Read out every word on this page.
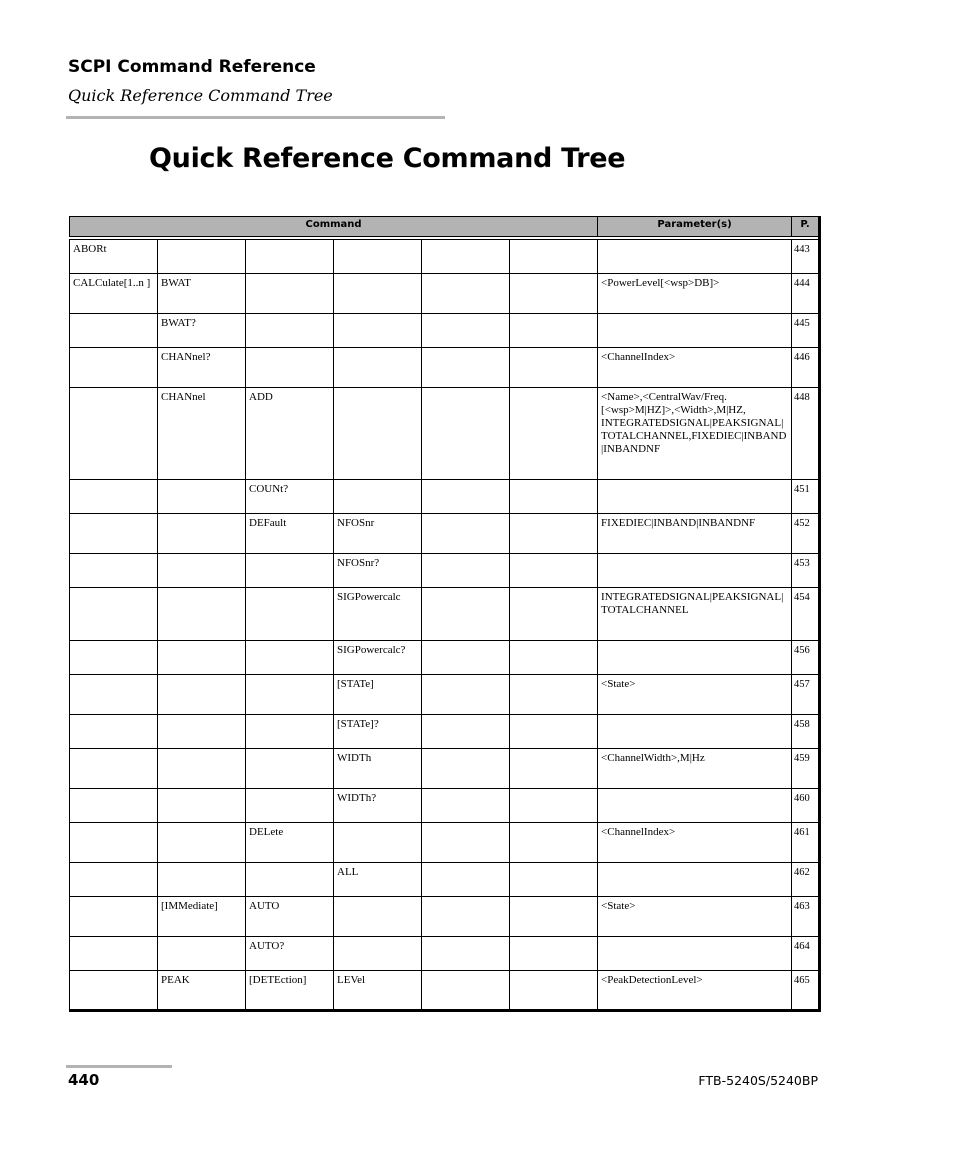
SCPI Command Reference
Quick Reference Command Tree
Quick Reference Command Tree
Command						Parameter(s)	P.

ABORt							443
CALCulate[1..n ]	BWAT					<PowerLevel[<wsp>DB]>	444
	BWAT?						445
	CHANnel?					<ChannelIndex>	446
	CHANnel	ADD				<Name>,<CentralWav/Freq.[<wsp>M|HZ]>,<Width>,M|HZ, INTEGRATEDSIGNAL|PEAKSIGNAL| TOTALCHANNEL,FIXEDIEC|INBAND |INBANDNF	448
		COUNt?					451
		DEFault	NFOSnr			FIXEDIEC|INBAND|INBANDNF	452
			NFOSnr?				453
			SIGPowercalc			INTEGRATEDSIGNAL|PEAKSIGNAL| TOTALCHANNEL	454
			SIGPowercalc?				456
			[STATe]			<State>	457
			[STATe]?				458
			WIDTh			<ChannelWidth>,M|Hz	459
			WIDTh?				460
		DELete				<ChannelIndex>	461
			ALL				462
	[IMMediate]	AUTO				<State>	463
		AUTO?					464
	PEAK	[DETEction]	LEVel			<PeakDetectionLevel>	465
440	FTB-5240S/5240BP
